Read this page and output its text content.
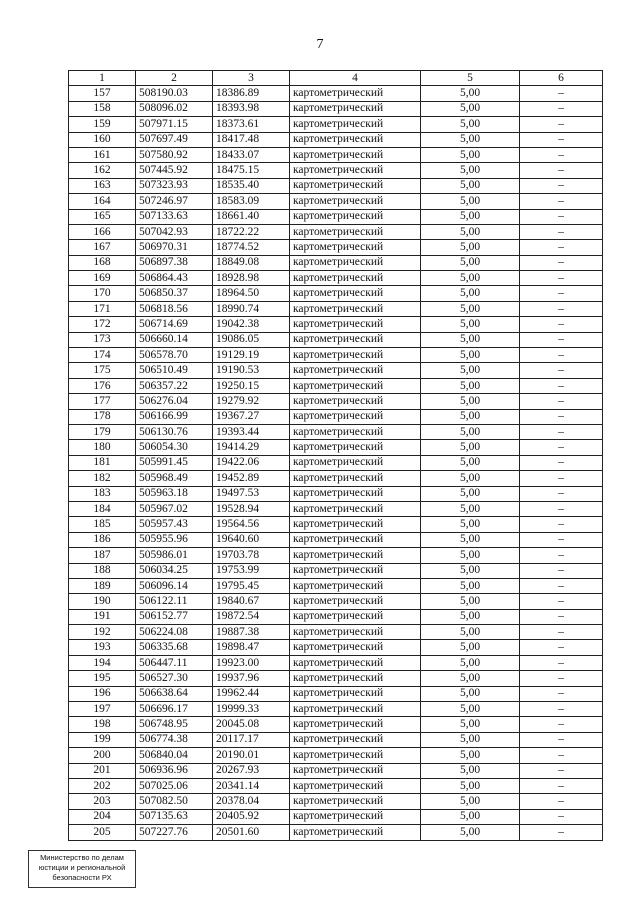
7
1	2	3	4	5	6
157	508190.03	18386.89	картометрический	5,00	–
158	508096.02	18393.98	картометрический	5,00	–
159	507971.15	18373.61	картометрический	5,00	–
160	507697.49	18417.48	картометрический	5,00	–
161	507580.92	18433.07	картометрический	5,00	–
162	507445.92	18475.15	картометрический	5,00	–
163	507323.93	18535.40	картометрический	5,00	–
164	507246.97	18583.09	картометрический	5,00	–
165	507133.63	18661.40	картометрический	5,00	–
166	507042.93	18722.22	картометрический	5,00	–
167	506970.31	18774.52	картометрический	5,00	–
168	506897.38	18849.08	картометрический	5,00	–
169	506864.43	18928.98	картометрический	5,00	–
170	506850.37	18964.50	картометрический	5,00	–
171	506818.56	18990.74	картометрический	5,00	–
172	506714.69	19042.38	картометрический	5,00	–
173	506660.14	19086.05	картометрический	5,00	–
174	506578.70	19129.19	картометрический	5,00	–
175	506510.49	19190.53	картометрический	5,00	–
176	506357.22	19250.15	картометрический	5,00	–
177	506276.04	19279.92	картометрический	5,00	–
178	506166.99	19367.27	картометрический	5,00	–
179	506130.76	19393.44	картометрический	5,00	–
180	506054.30	19414.29	картометрический	5,00	–
181	505991.45	19422.06	картометрический	5,00	–
182	505968.49	19452.89	картометрический	5,00	–
183	505963.18	19497.53	картометрический	5,00	–
184	505967.02	19528.94	картометрический	5,00	–
185	505957.43	19564.56	картометрический	5,00	–
186	505955.96	19640.60	картометрический	5,00	–
187	505986.01	19703.78	картометрический	5,00	–
188	506034.25	19753.99	картометрический	5,00	–
189	506096.14	19795.45	картометрический	5,00	–
190	506122.11	19840.67	картометрический	5,00	–
191	506152.77	19872.54	картометрический	5,00	–
192	506224.08	19887.38	картометрический	5,00	–
193	506335.68	19898.47	картометрический	5,00	–
194	506447.11	19923.00	картометрический	5,00	–
195	506527.30	19937.96	картометрический	5,00	–
196	506638.64	19962.44	картометрический	5,00	–
197	506696.17	19999.33	картометрический	5,00	–
198	506748.95	20045.08	картометрический	5,00	–
199	506774.38	20117.17	картометрический	5,00	–
200	506840.04	20190.01	картометрический	5,00	–
201	506936.96	20267.93	картометрический	5,00	–
202	507025.06	20341.14	картометрический	5,00	–
203	507082.50	20378.04	картометрический	5,00	–
204	507135.63	20405.92	картометрический	5,00	–
205	507227.76	20501.60	картометрический	5,00	–
Министерство по делам
юстиции и региональной
безопасности РХ
